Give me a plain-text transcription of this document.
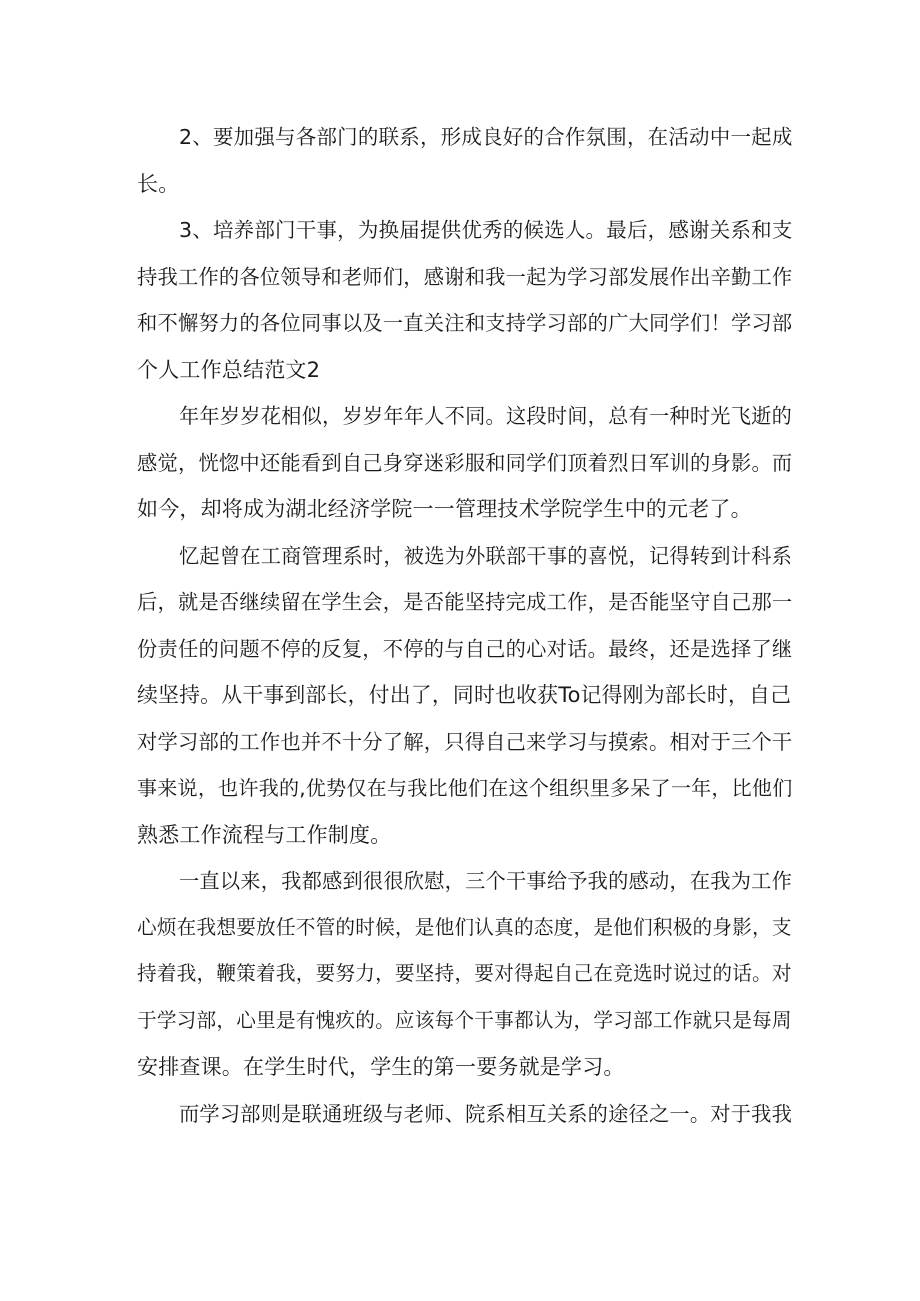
2、要加强与各部门的联系，形成良好的合作氛围，在活动中一起成
长。
3、培养部门干事，为换届提供优秀的候选人。最后，感谢关系和支
持我工作的各位领导和老师们，感谢和我一起为学习部发展作出辛勤工作
和不懈努力的各位同事以及一直关注和支持学习部的广大同学们！学习部
个人工作总结范文2
年年岁岁花相似，岁岁年年人不同。这段时间，总有一种时光飞逝的
感觉，恍惚中还能看到自己身穿迷彩服和同学们顶着烈日军训的身影。而
如今，却将成为湖北经济学院一一管理技术学院学生中的元老了。
忆起曾在工商管理系时，被选为外联部干事的喜悦，记得转到计科系
后，就是否继续留在学生会，是否能坚持完成工作，是否能坚守自己那一
份责任的问题不停的反复，不停的与自己的心对话。最终，还是选择了继
续坚持。从干事到部长，付出了，同时也收获To记得刚为部长时，自己
对学习部的工作也并不十分了解，只得自己来学习与摸索。相对于三个干
事来说，也许我的,优势仅在与我比他们在这个组织里多呆了一年，比他们
熟悉工作流程与工作制度。
一直以来，我都感到很很欣慰，三个干事给予我的感动，在我为工作
心烦在我想要放任不管的时候，是他们认真的态度，是他们积极的身影，支
持着我，鞭策着我，要努力，要坚持，要对得起自己在竞选时说过的话。对
于学习部，心里是有愧疚的。应该每个干事都认为，学习部工作就只是每周
安排查课。在学生时代，学生的第一要务就是学习。
而学习部则是联通班级与老师、院系相互关系的途径之一。对于我我
